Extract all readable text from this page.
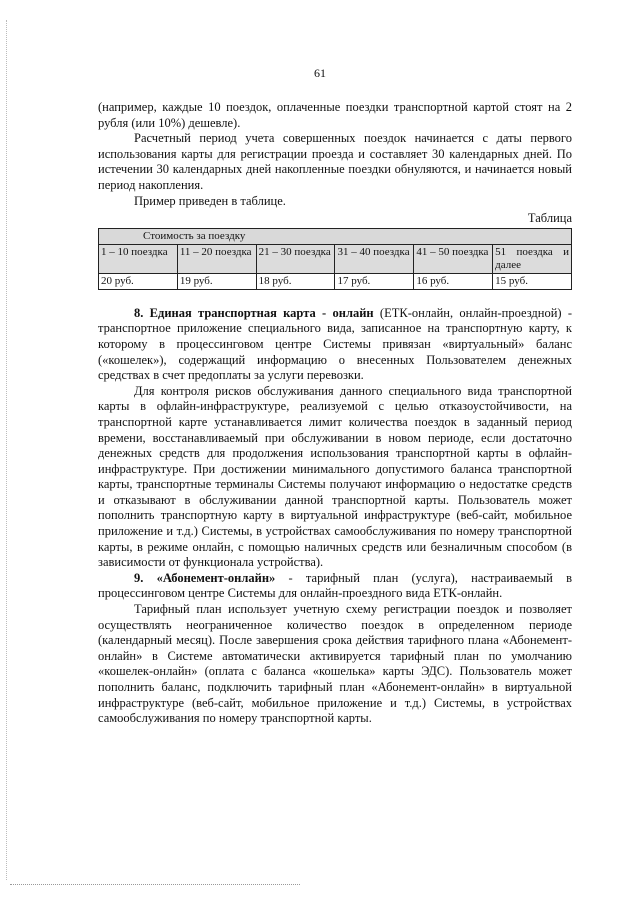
61

(например, каждые 10 поездок, оплаченные поездки транспортной картой стоят на 2 рубля (или 10%) дешевле).

Расчетный период учета совершенных поездок начинается с даты первого использования карты для регистрации проезда и составляет 30 календарных дней. По истечении 30 календарных дней накопленные поездки обнуляются, и начинается новый период накопления.

Пример приведен в таблице.

Таблица
Стоимость за поездку					
1 – 10 поездка	11 – 20 поездка	21 – 30 поездка	31 – 40 поездка	41 – 50 поездка	51 поездка и далее
20 руб.	19 руб.	18 руб.	17 руб.	16 руб.	15 руб.

8. Единая транспортная карта - онлайн (ЕТК-онлайн, онлайн-проездной) - транспортное приложение специального вида, записанное на транспортную карту, к которому в процессинговом центре Системы привязан «виртуальный» баланс («кошелек»), содержащий информацию о внесенных Пользователем денежных средствах в счет предоплаты за услуги перевозки.

Для контроля рисков обслуживания данного специального вида транспортной карты в офлайн-инфраструктуре, реализуемой с целью отказоустойчивости, на транспортной карте устанавливается лимит количества поездок в заданный период времени, восстанавливаемый при обслуживании в новом периоде, если достаточно денежных средств для продолжения использования транспортной карты в офлайн-инфраструктуре. При достижении минимального допустимого баланса транспортной карты, транспортные терминалы Системы получают информацию о недостатке средств и отказывают в обслуживании данной транспортной карты. Пользователь может пополнить транспортную карту в виртуальной инфраструктуре (веб-сайт, мобильное приложение и т.д.) Системы, в устройствах самообслуживания по номеру транспортной карты, в режиме онлайн, с помощью наличных средств или безналичным способом (в зависимости от функционала устройства).

9. «Абонемент-онлайн» - тарифный план (услуга), настраиваемый в процессинговом центре Системы для онлайн-проездного вида ЕТК-онлайн.

Тарифный план использует учетную схему регистрации поездок и позволяет осуществлять неограниченное количество поездок в определенном периоде (календарный месяц). После завершения срока действия тарифного плана «Абонемент-онлайн» в Системе автоматически активируется тарифный план по умолчанию «кошелек-онлайн» (оплата с баланса «кошелька» карты ЭДС). Пользователь может пополнить баланс, подключить тарифный план «Абонемент-онлайн» в виртуальной инфраструктуре (веб-сайт, мобильное приложение и т.д.) Системы, в устройствах самообслуживания по номеру транспортной карты.
